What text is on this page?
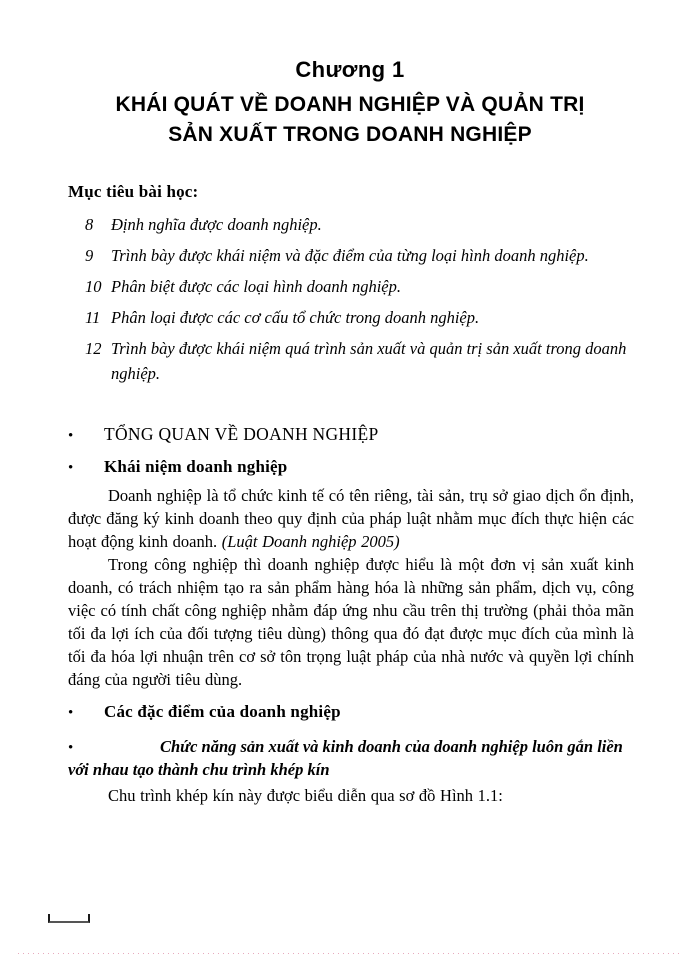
Chương 1
KHÁI QUÁT VỀ DOANH NGHIỆP VÀ QUẢN TRỊ
SẢN XUẤT TRONG DOANH NGHIỆP
Mục tiêu bài học:
8	Định nghĩa được doanh nghiệp.
9	Trình bày được khái niệm và đặc điểm của từng loại hình doanh nghiệp.
10 Phân biệt được các loại hình doanh nghiệp.
11 Phân loại được các cơ cấu tổ chức trong doanh nghiệp.
12 Trình bày được khái niệm quá trình sản xuất và quản trị sản xuất trong doanh nghiệp.
•	TỔNG QUAN VỀ DOANH NGHIỆP
•	Khái niệm doanh nghiệp
Doanh nghiệp là tổ chức kinh tế có tên riêng, tài sản, trụ sở giao dịch ổn định, được đăng ký kinh doanh theo quy định của pháp luật nhằm mục đích thực hiện các hoạt động kinh doanh. (Luật Doanh nghiệp 2005)
Trong công nghiệp thì doanh nghiệp được hiểu là một đơn vị sản xuất kinh doanh, có trách nhiệm tạo ra sản phẩm hàng hóa là những sản phẩm, dịch vụ, công việc có tính chất công nghiệp nhằm đáp ứng nhu cầu trên thị trường (phải thỏa mãn tối đa lợi ích của đối tượng tiêu dùng) thông qua đó đạt được mục đích của mình là tối đa hóa lợi nhuận trên cơ sở tôn trọng luật pháp của nhà nước và quyền lợi chính đáng của người tiêu dùng.
•	Các đặc điểm của doanh nghiệp
•	Chức năng sản xuất và kinh doanh của doanh nghiệp luôn gắn liền với nhau tạo thành chu trình khép kín
Chu trình khép kín này được biểu diễn qua sơ đồ Hình 1.1:
